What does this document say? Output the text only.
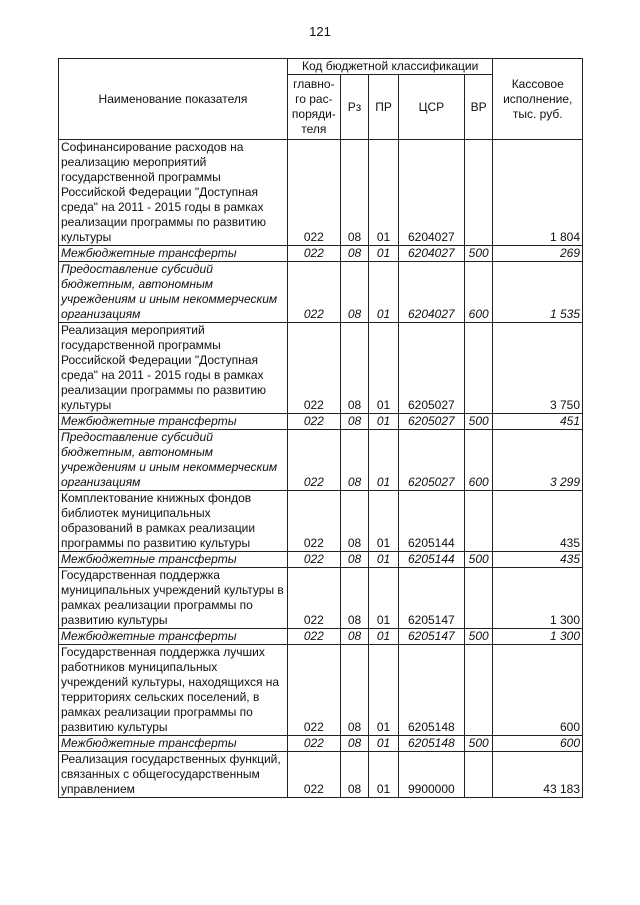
121
Наименование показателя	Код бюджетной классификации					Кассовое исполнение, тыс. руб.
	главно-го рас-поряди-теля	Рз	ПР	ЦСР	ВР	
Софинансирование расходов на реализацию мероприятий государственной программы Российской Федерации "Доступная среда" на 2011 - 2015 годы в рамках реализации программы по развитию культуры	022	08	01	6204027		1 804
Межбюджетные трансферты	022	08	01	6204027	500	269
Предоставление субсидий бюджетным, автономным учреждениям и иным некоммерческим организациям	022	08	01	6204027	600	1 535
Реализация мероприятий государственной программы Российской Федерации "Доступная среда" на 2011 - 2015 годы в рамках реализации программы по развитию культуры	022	08	01	6205027		3 750
Межбюджетные трансферты	022	08	01	6205027	500	451
Предоставление субсидий бюджетным, автономным учреждениям и иным некоммерческим организациям	022	08	01	6205027	600	3 299
Комплектование книжных фондов библиотек муниципальных образований в рамках реализации программы по развитию культуры	022	08	01	6205144		435
Межбюджетные трансферты	022	08	01	6205144	500	435
Государственная поддержка муниципальных учреждений культуры в рамках реализации программы по развитию культуры	022	08	01	6205147		1 300
Межбюджетные трансферты	022	08	01	6205147	500	1 300
Государственная поддержка лучших работников муниципальных учреждений культуры, находящихся на территориях сельских поселений, в рамках реализации программы по развитию культуры	022	08	01	6205148		600
Межбюджетные трансферты	022	08	01	6205148	500	600
Реализация государственных функций, связанных с общегосударственным управлением	022	08	01	9900000		43 183
